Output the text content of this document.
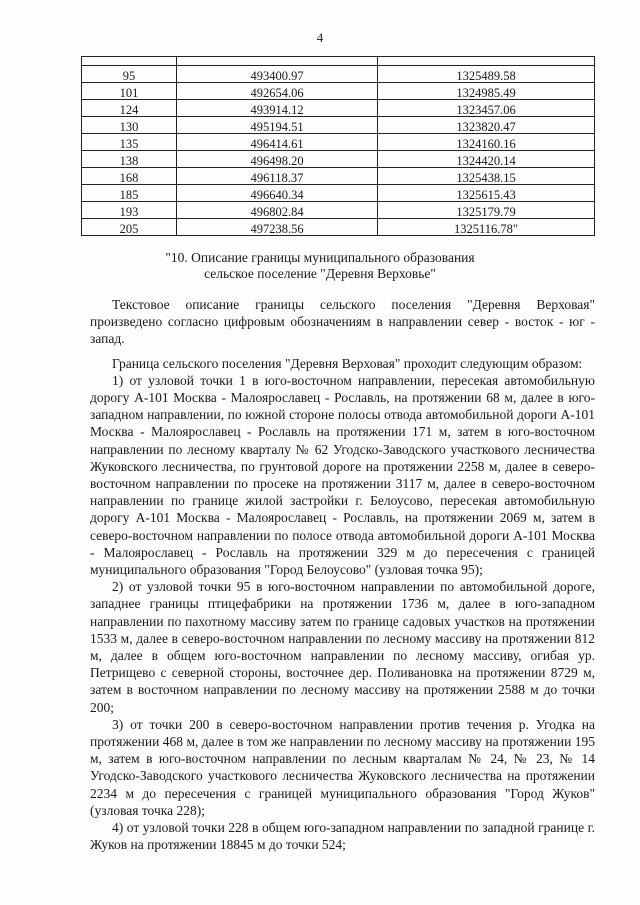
4

95	493400.97	1325489.58
101	492654.06	1324985.49
124	493914.12	1323457.06
130	495194.51	1323820.47
135	496414.61	1324160.16
138	496498.20	1324420.14
168	496118.37	1325438.15
185	496640.34	1325615.43
193	496802.84	1325179.79
205	497238.56	1325116.78"
"10. Описание границы муниципального образования
сельское поселение "Деревня Верховье"

Текстовое описание границы сельского поселения "Деревня Верховая" произведено согласно цифровым обозначениям в направлении север - восток - юг - запад.

Граница сельского поселения "Деревня Верховая" проходит следующим образом:

1) от узловой точки 1 в юго-восточном направлении, пересекая автомобильную дорогу А-101 Москва - Малоярославец - Рославль, на протяжении 68 м, далее в юго-западном направлении, по южной стороне полосы отвода автомобильной дороги А-101 Москва - Малоярославец - Рославль на протяжении 171 м, затем в юго-восточном направлении по лесному кварталу № 62 Угодско-Заводского участкового лесничества Жуковского лесничества, по грунтовой дороге на протяжении 2258 м, далее в северо-восточном направлении по просеке на протяжении 3117 м, далее в северо-восточном направлении по границе жилой застройки г. Белоусово, пересекая автомобильную дорогу А-101 Москва - Малоярославец - Рославль, на протяжении 2069 м, затем в северо-восточном направлении по полосе отвода автомобильной дороги А-101 Москва - Малоярославец - Рославль на протяжении 329 м до пересечения с границей муниципального образования "Город Белоусово" (узловая точка 95);

2) от узловой точки 95 в юго-восточном направлении по автомобильной дороге, западнее границы птицефабрики на протяжении 1736 м, далее в юго-западном направлении по пахотному массиву затем по границе садовых участков на протяжении 1533 м, далее в северо-восточном направлении по лесному массиву на протяжении 812 м, далее в общем юго-восточном направлении по лесному массиву, огибая ур. Петрищево с северной стороны, восточнее дер. Поливановка на протяжении 8729 м, затем в восточном направлении по лесному массиву на протяжении 2588 м до точки 200;

3) от точки 200 в северо-восточном направлении против течения р. Угодка на протяжении 468 м, далее в том же направлении по лесному массиву на протяжении 195 м, затем в юго-восточном направлении по лесным кварталам № 24, № 23, № 14 Угодско-Заводского участкового лесничества Жуковского лесничества на протяжении 2234 м до пересечения с границей муниципального образования "Город Жуков" (узловая точка 228);

4) от узловой точки 228 в общем юго-западном направлении по западной границе г. Жуков на протяжении 18845 м до точки 524;
